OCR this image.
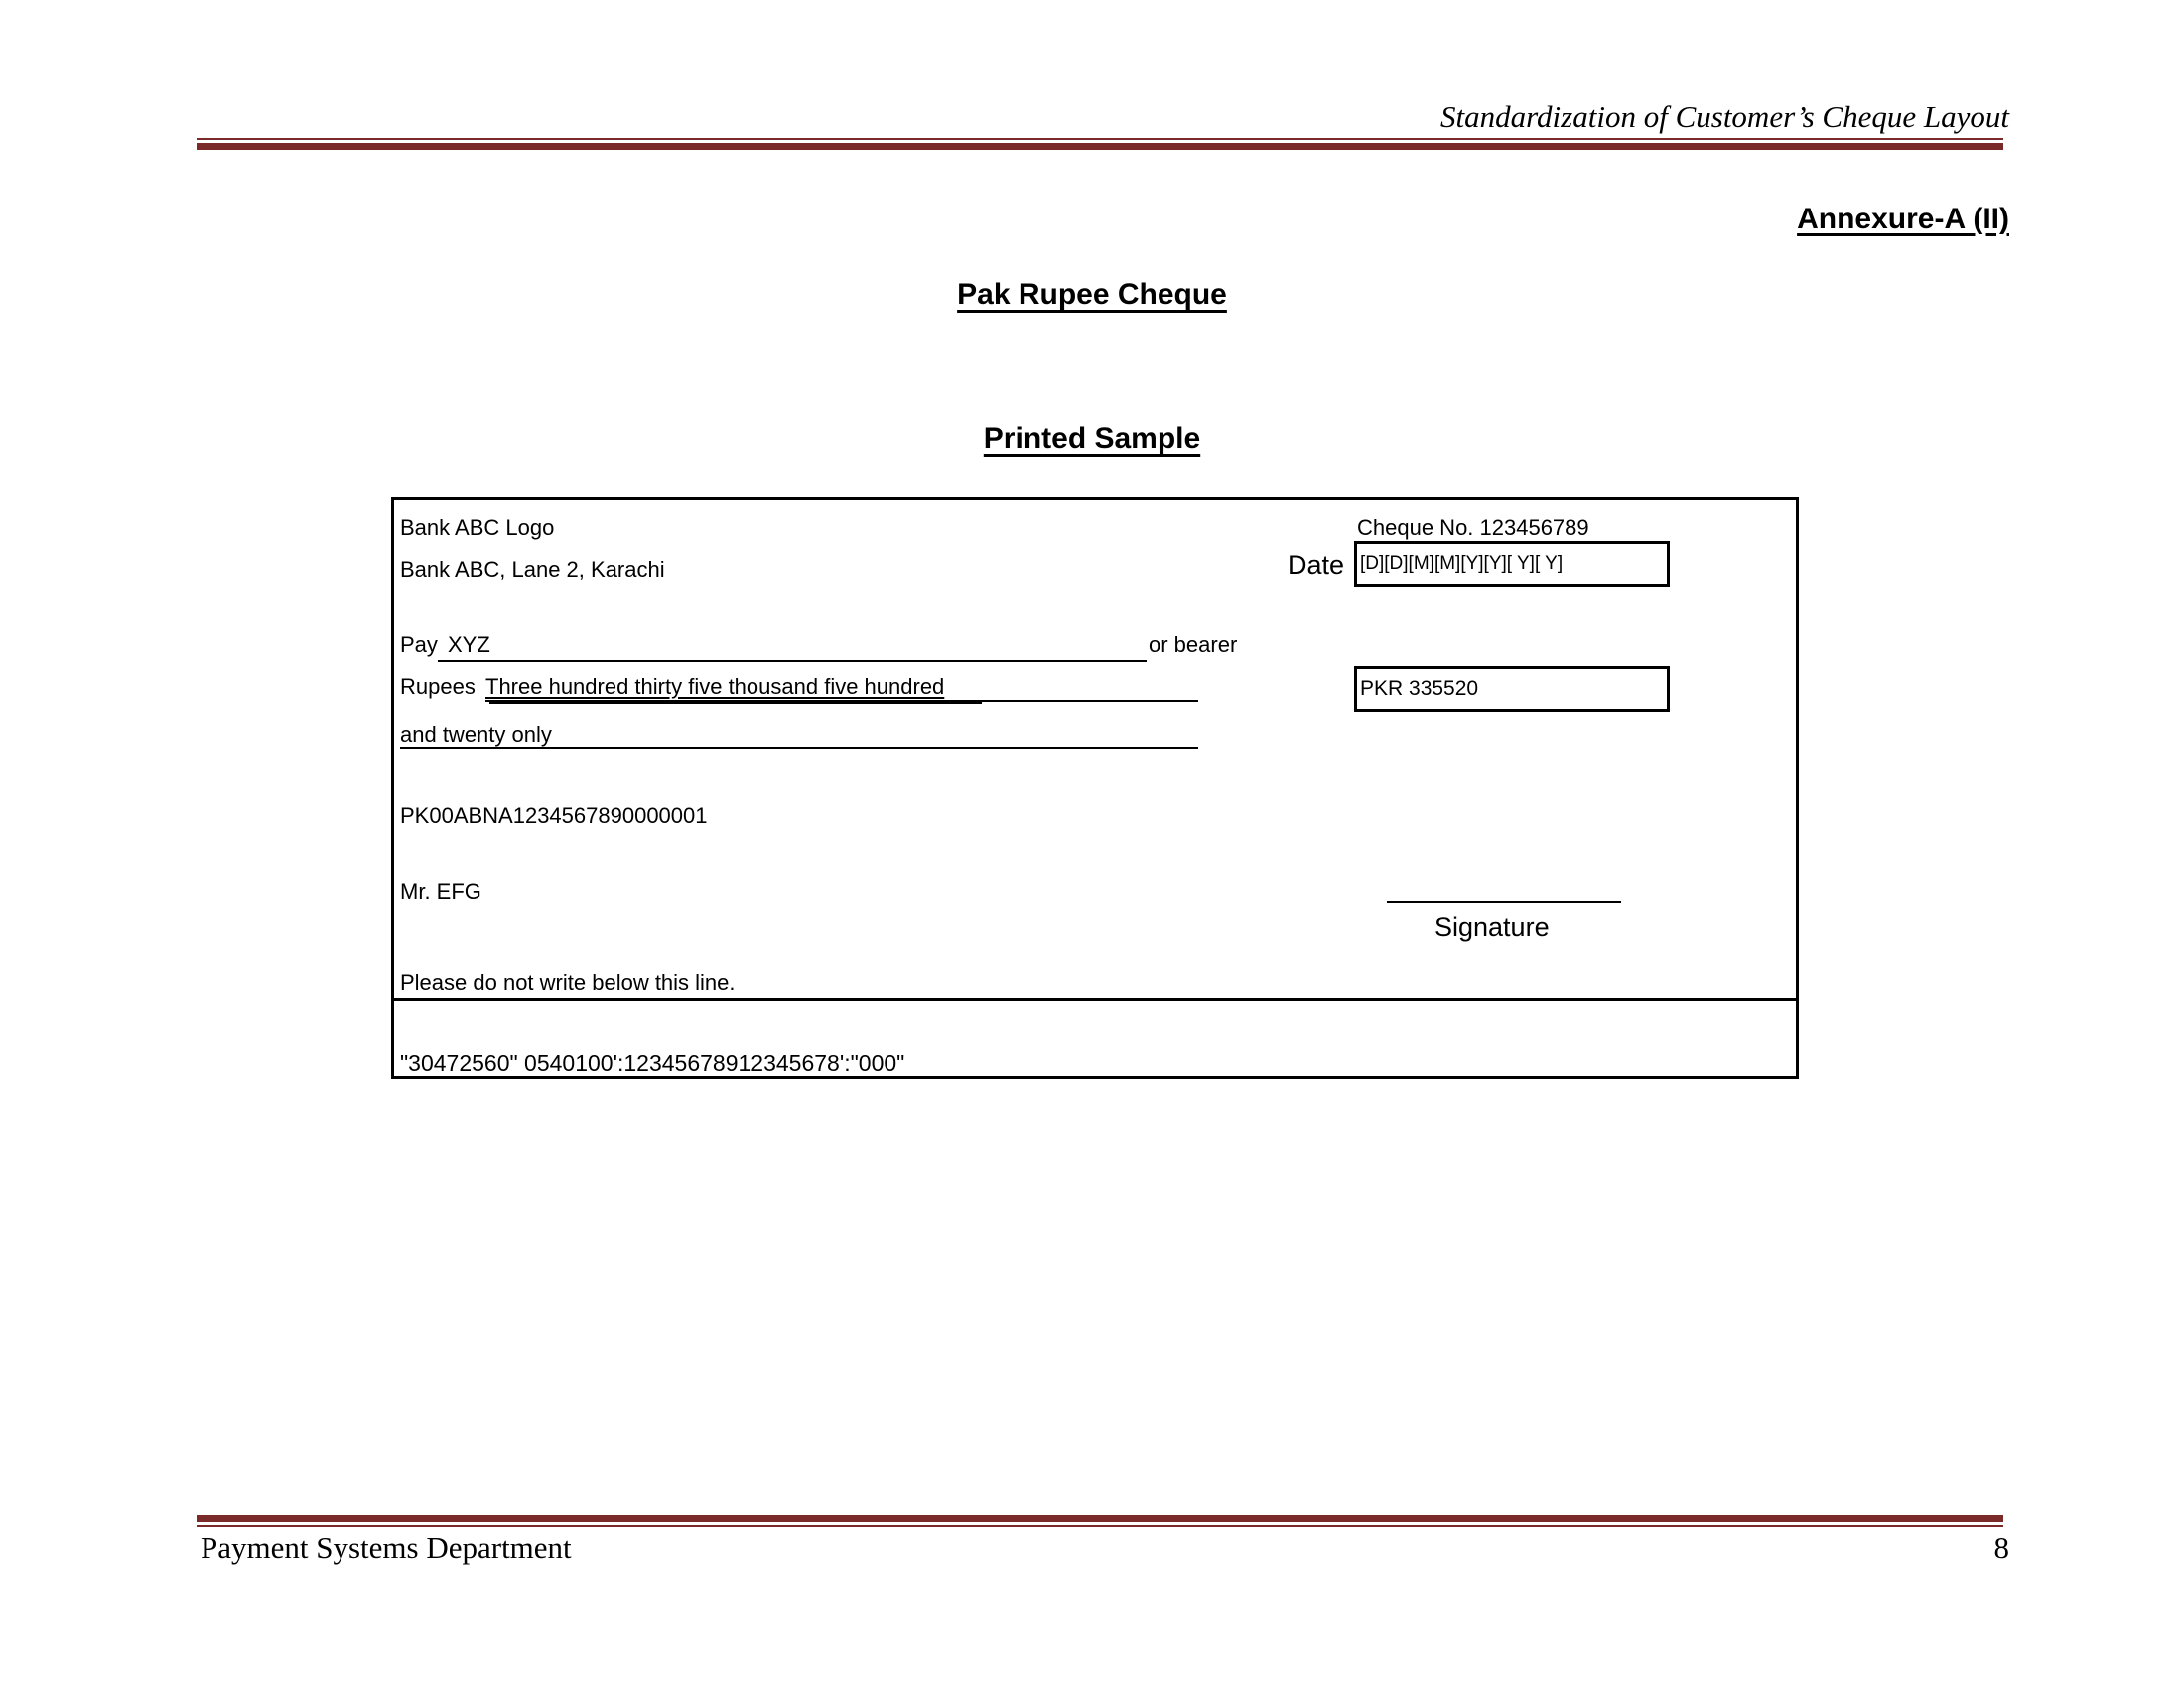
Standardization of Customer’s Cheque Layout
Annexure-A (II)
Pak Rupee Cheque
Printed Sample
Bank ABC Logo
Bank ABC, Lane 2, Karachi
Cheque No. 123456789
Date [D][D][M][M][Y][Y][ Y][ Y]
Pay XYZ	or bearer
Rupees Three hundred thirty five thousand five hundred
and twenty only
PKR 335520
PK00ABNA1234567890000001
Mr. EFG
Signature
Please do not write below this line.
"30472560" 0540100':12345678912345678':"000"
Payment Systems Department	8
